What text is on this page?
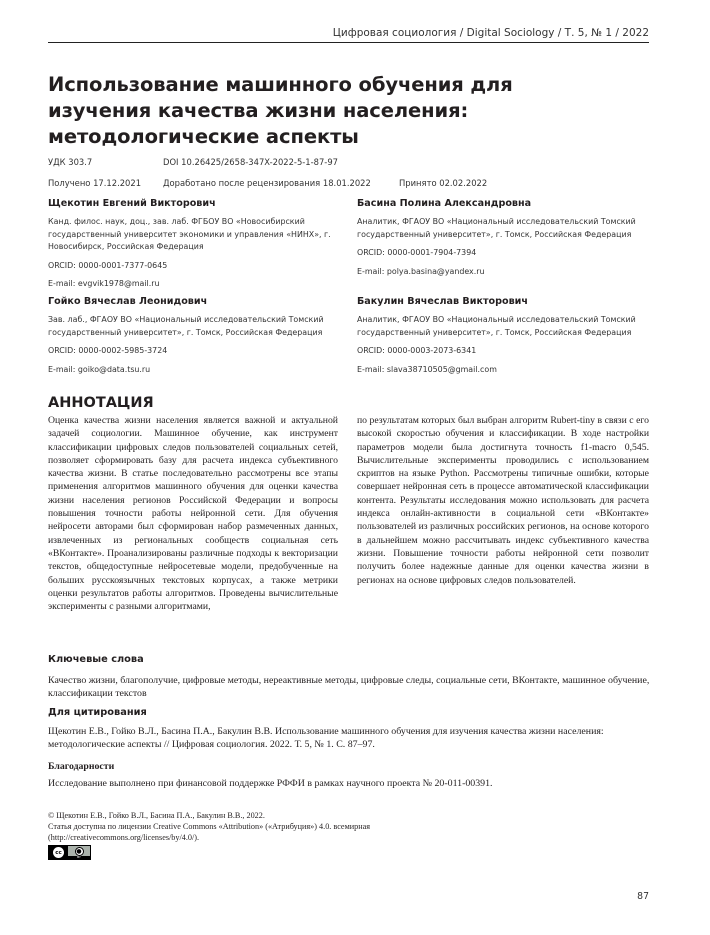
Цифровая социология / Digital Sociology / Т. 5, № 1 / 2022
Использование машинного обучения для изучения качества жизни населения: методологические аспекты
УДК 303.7	DOI 10.26425/2658-347X-2022-5-1-87-97
Получено 17.12.2021	Доработано после рецензирования 18.01.2022	Принято 02.02.2022
Щекотин Евгений Викторович
Канд. филос. наук, доц., зав. лаб. ФГБОУ ВО «Новосибирский государственный университет экономики и управления «НИНХ», г. Новосибирск, Российская Федерация
ORCID: 0000-0001-7377-0645
E-mail: evgvik1978@mail.ru
Басина Полина Александровна
Аналитик, ФГАОУ ВО «Национальный исследовательский Томский государственный университет», г. Томск, Российская Федерация
ORCID: 0000-0001-7904-7394
E-mail: polya.basina@yandex.ru
Гойко Вячеслав Леонидович
Зав. лаб., ФГАОУ ВО «Национальный исследовательский Томский государственный университет», г. Томск, Российская Федерация
ORCID: 0000-0002-5985-3724
E-mail: goiko@data.tsu.ru
Бакулин Вячеслав Викторович
Аналитик, ФГАОУ ВО «Национальный исследовательский Томский государственный университет», г. Томск, Российская Федерация
ORCID: 0000-0003-2073-6341
E-mail: slava38710505@gmail.com
АННОТАЦИЯ
Оценка качества жизни населения является важной и актуальной задачей социологии. Машинное обучение, как инструмент классификации цифровых следов пользователей социальных сетей, позволяет сформировать базу для расчета индекса субъективного качества жизни. В статье последовательно рассмотрены все этапы применения алгоритмов машинного обучения для оценки качества жизни населения регионов Российской Федерации и вопросы повышения точности работы нейронной сети. Для обучения нейросети авторами был сформирован набор размеченных данных, извлеченных из региональных сообществ социальная сеть «ВКонтакте». Проанализированы различные подходы к векторизации текстов, общедоступные нейросетевые модели, предобученные на больших русскоязычных текстовых корпусах, а также метрики оценки результатов работы алгоритмов. Проведены вычислительные эксперименты с разными алгоритмами,
по результатам которых был выбран алгоритм Rubert-tiny в связи с его высокой скоростью обучения и классификации. В ходе настройки параметров модели была достигнута точность f1-macro 0,545. Вычислительные эксперименты проводились с использованием скриптов на языке Python. Рассмотрены типичные ошибки, которые совершает нейронная сеть в процессе автоматической классификации контента. Результаты исследования можно использовать для расчета индекса онлайн-активности в социальной сети «ВКонтакте» пользователей из различных российских регионов, на основе которого в дальнейшем можно рассчитывать индекс субъективного качества жизни. Повышение точности работы нейронной сети позволит получить более надежные данные для оценки качества жизни в регионах на основе цифровых следов пользователей.
Ключевые слова
Качество жизни, благополучие, цифровые методы, нереактивные методы, цифровые следы, социальные сети, ВКонтакте, машинное обучение, классификации текстов
Для цитирования
Щекотин Е.В., Гойко В.Л., Басина П.А., Бакулин В.В. Использование машинного обучения для изучения качества жизни населения: методологические аспекты // Цифровая социология. 2022. Т. 5, № 1. С. 87–97.
Благодарности
Исследование выполнено при финансовой поддержке РФФИ в рамках научного проекта № 20-011-00391.
© Щекотин Е.В., Гойко В.Л., Басина П.А., Бакулин В.В., 2022.
Статья доступна по лицензии Creative Commons «Attribution» («Атрибуция») 4.0. всемирная
(http://creativecommons.org/licenses/by/4.0/).
cc	●
BY
87
